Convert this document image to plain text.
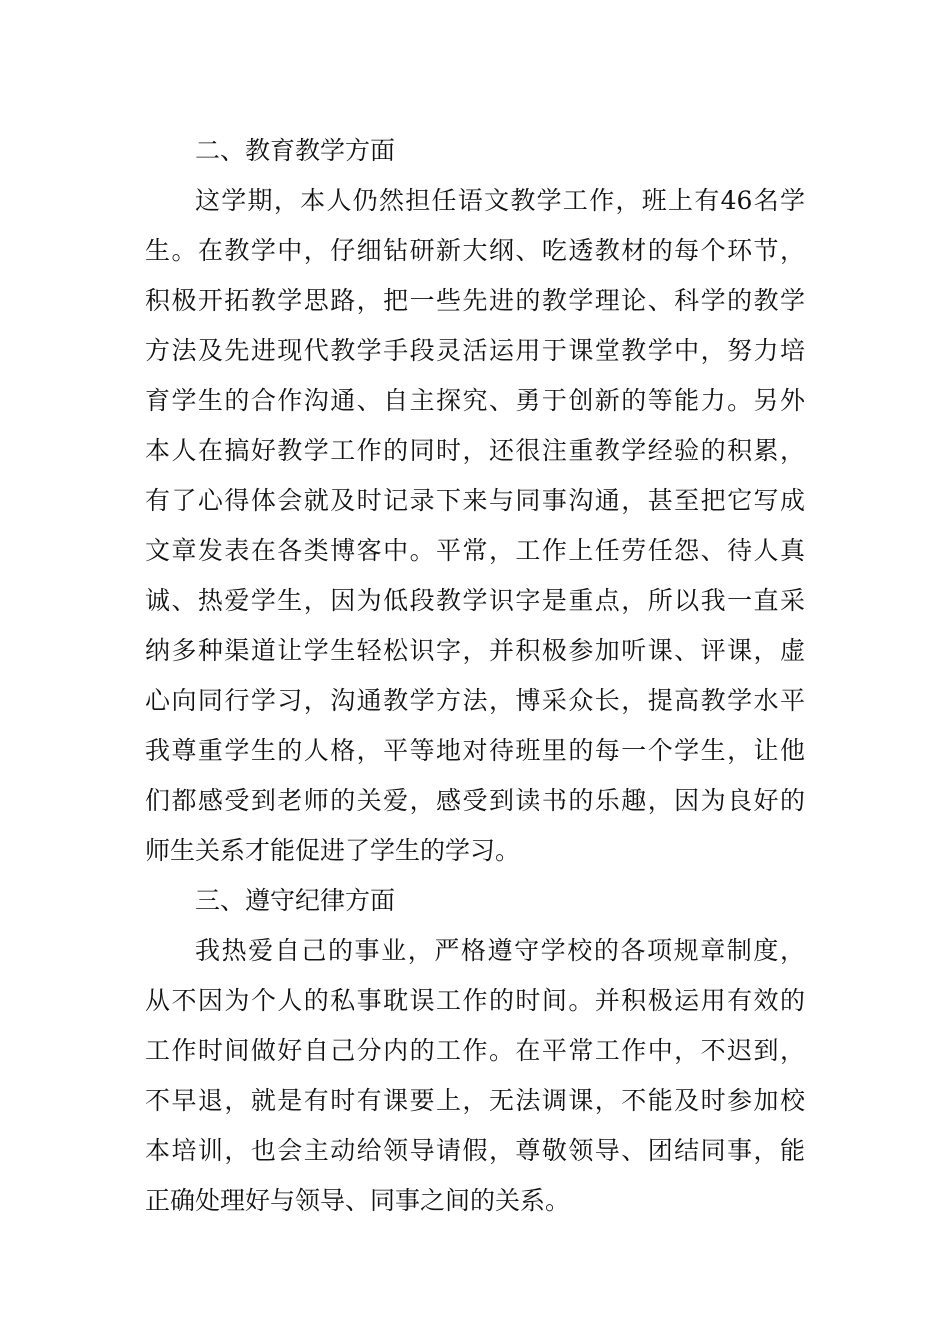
二、教育教学方面
这学期，本人仍然担任语文教学工作，班上有46名学
生。在教学中，仔细钻研新大纲、吃透教材的每个环节，
积极开拓教学思路，把一些先进的教学理论、科学的教学
方法及先进现代教学手段灵活运用于课堂教学中，努力培
育学生的合作沟通、自主探究、勇于创新的等能力。另外
本人在搞好教学工作的同时，还很注重教学经验的积累，
有了心得体会就及时记录下来与同事沟通，甚至把它写成
文章发表在各类博客中。平常，工作上任劳任怨、待人真
诚、热爱学生，因为低段教学识字是重点，所以我一直采
纳多种渠道让学生轻松识字，并积极参加听课、评课，虚
心向同行学习，沟通教学方法，博采众长，提高教学水平
我尊重学生的人格，平等地对待班里的每一个学生，让他
们都感受到老师的关爱，感受到读书的乐趣，因为良好的
师生关系才能促进了学生的学习。
三、遵守纪律方面
我热爱自己的事业，严格遵守学校的各项规章制度，
从不因为个人的私事耽误工作的时间。并积极运用有效的
工作时间做好自己分内的工作。在平常工作中，不迟到，
不早退，就是有时有课要上，无法调课，不能及时参加校
本培训，也会主动给领导请假，尊敬领导、团结同事，能
正确处理好与领导、同事之间的关系。
